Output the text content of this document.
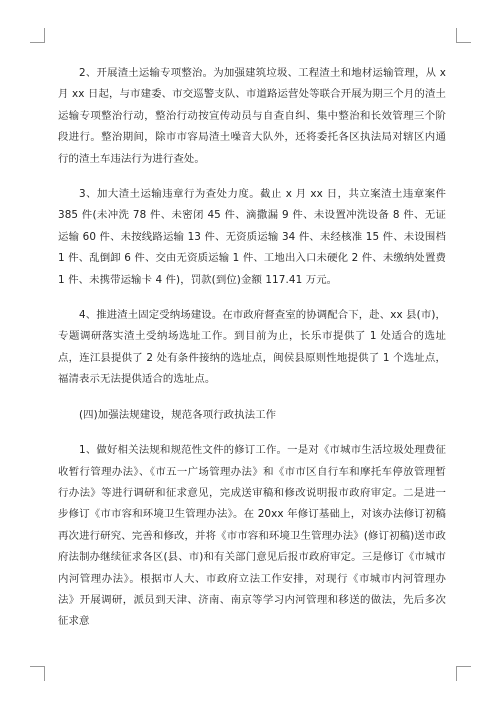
2、开展渣土运输专项整治。为加强建筑垃圾、工程渣土和地材运输管理，从 x 月 xx 日起，与市建委、市交巡警支队、市道路运营处等联合开展为期三个月的渣土运输专项整治行动，整治行动按宣传动员与自查自纠、集中整治和长效管理三个阶段进行。整治期间，除市市容局渣土噪音大队外，还将委托各区执法局对辖区内通行的渣土车违法行为进行查处。

3、加大渣土运输违章行为查处力度。截止 x 月 xx 日，共立案渣土违章案件 385 件(未冲洗 78 件、未密闭 45 件、滴撒漏 9 件、未设置冲洗设备 8 件、无证运输 60 件、未按线路运输 13 件、无资质运输 34 件、未经核准 15 件、未设围档 1 件、乱倒卸 6 件、交由无资质运输 1 件、工地出入口未硬化 2 件、未缴纳处置费 1 件、未携带运输卡 4 件)，罚款(到位)金额 117.41 万元。

4、推进渣土固定受纳场建设。在市政府督查室的协调配合下，赴、xx 县(市)，专题调研落实渣土受纳场选址工作。到目前为止，长乐市提供了 1 处适合的选址点，连江县提供了 2 处有条件接纳的选址点，闽侯县原则性地提供了 1 个选址点，福清表示无法提供适合的选址点。

(四)加强法规建设，规范各项行政执法工作

1、做好相关法规和规范性文件的修订工作。一是对《市城市生活垃圾处理费征收暂行管理办法》、《市五一广场管理办法》和《市市区自行车和摩托车停放管理暂行办法》等进行调研和征求意见，完成送审稿和修改说明报市政府审定。二是进一步修订《市市容和环境卫生管理办法》。在 20xx 年修订基础上，对该办法修订初稿再次进行研究、完善和修改，并将《市市容和环境卫生管理办法》(修订初稿)送市政府法制办继续征求各区(县、市)和有关部门意见后报市政府审定。三是修订《市城市内河管理办法》。根据市人大、市政府立法工作安排，对现行《市城市内河管理办法》开展调研，派员到天津、济南、南京等学习内河管理和移送的做法，先后多次征求意
